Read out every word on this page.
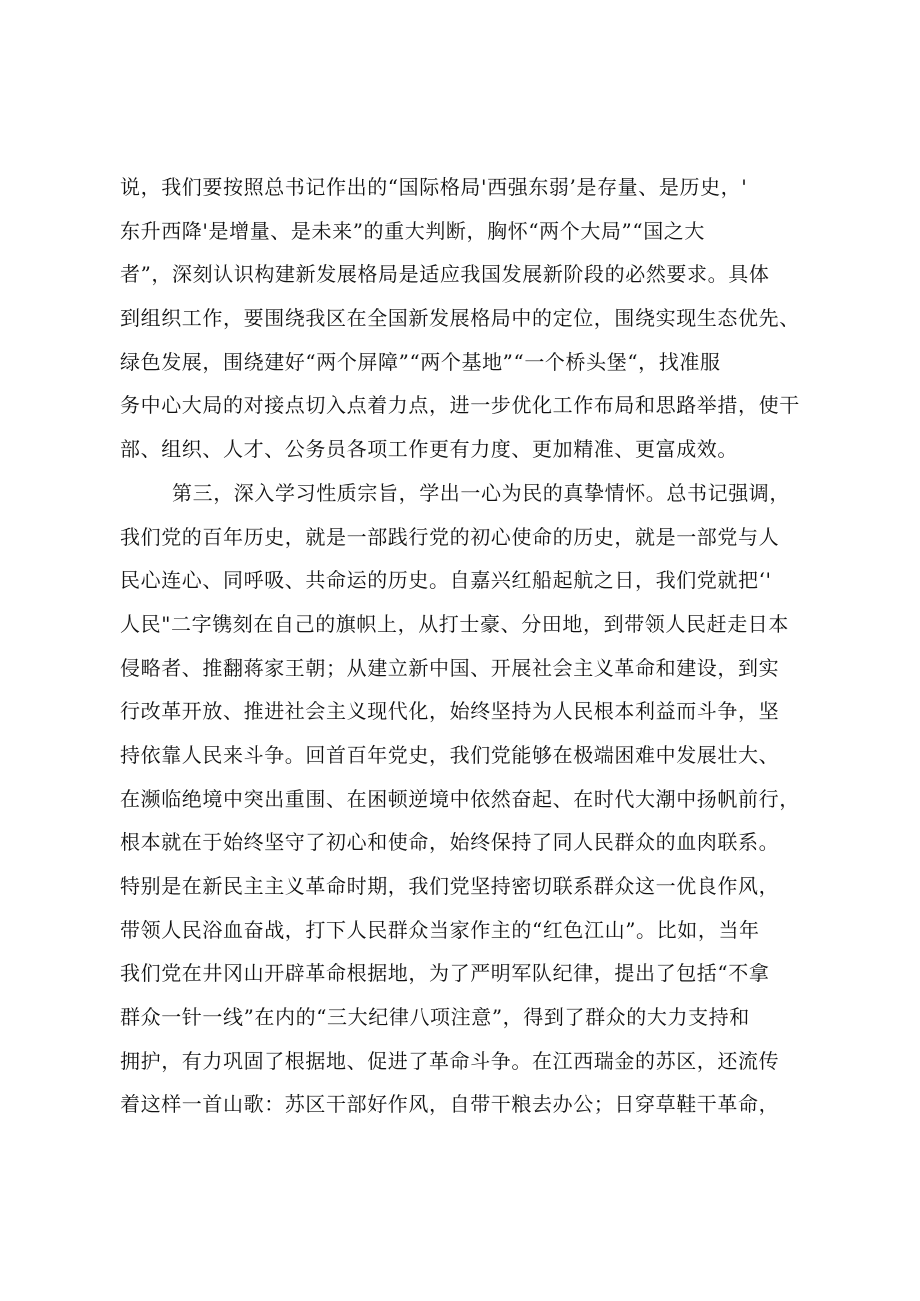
说，我们要按照总书记作出的“国际格局'西强东弱’是存量、是历史，'
东升西降'是增量、是未来”的重大判断，胸怀“两个大局”“国之大
者”，深刻认识构建新发展格局是适应我国发展新阶段的必然要求。具体
到组织工作，要围绕我区在全国新发展格局中的定位，围绕实现生态优先、
绿色发展，围绕建好“两个屏障”“两个基地”“一个桥头堡“，找准服
务中心大局的对接点切入点着力点，进一步优化工作布局和思路举措，使干
部、组织、人才、公务员各项工作更有力度、更加精准、更富成效。
第三，深入学习性质宗旨，学出一心为民的真挚情怀。总书记强调，
我们党的百年历史，就是一部践行党的初心使命的历史，就是一部党与人
民心连心、同呼吸、共命运的历史。自嘉兴红船起航之日，我们党就把‘'
人民"二字镌刻在自己的旗帜上，从打士豪、分田地，到带领人民赶走日本
侵略者、推翻蒋家王朝；从建立新中国、开展社会主义革命和建设，到实
行改革开放、推进社会主义现代化，始终坚持为人民根本利益而斗争，坚
持依靠人民来斗争。回首百年党史，我们党能够在极端困难中发展壮大、
在濒临绝境中突出重围、在困顿逆境中依然奋起、在时代大潮中扬帆前行，
根本就在于始终坚守了初心和使命，始终保持了同人民群众的血肉联系。
特别是在新民主主义革命时期，我们党坚持密切联系群众这一优良作风，
带领人民浴血奋战，打下人民群众当家作主的“红色江山”。比如，当年
我们党在井冈山开辟革命根据地，为了严明军队纪律，提出了包括“不拿
群众一针一线”在内的“三大纪律八项注意”，得到了群众的大力支持和
拥护，有力巩固了根据地、促进了革命斗争。在江西瑞金的苏区，还流传
着这样一首山歌：苏区干部好作风，自带干粮去办公；日穿草鞋干革命，
